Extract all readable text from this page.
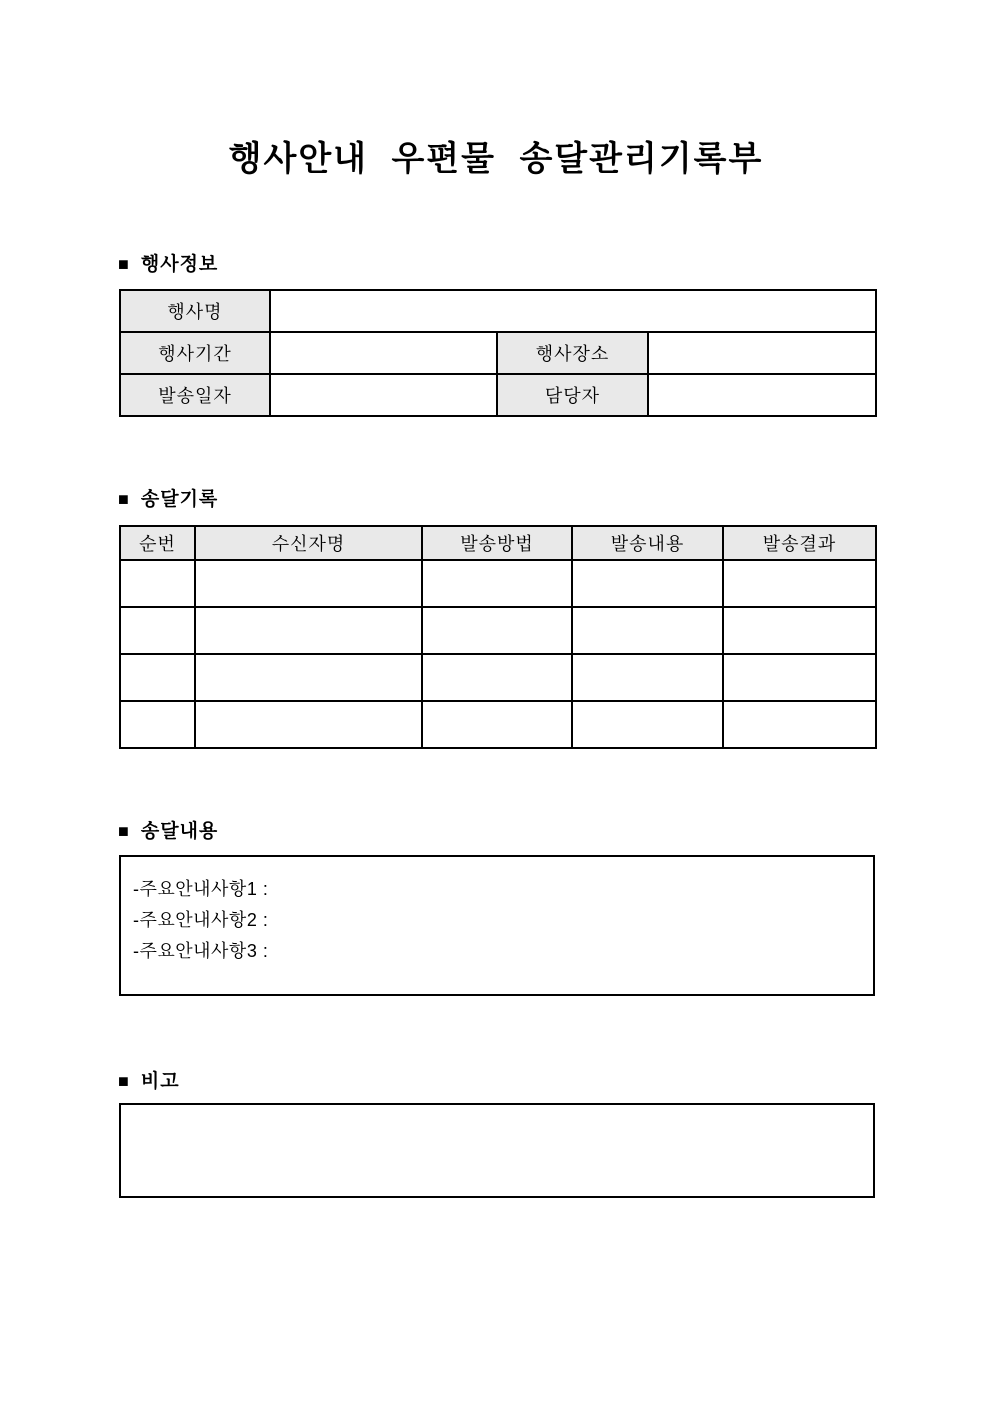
행사안내 우편물 송달관리기록부
■ 행사정보
행사명			
행사기간		행사장소	
발송일자		담당자	
■ 송달기록
순번	수신자명	발송방법	발송내용	발송결과

■ 송달내용
-주요안내사항1 :
-주요안내사항2 :
-주요안내사항3 :
■ 비고
